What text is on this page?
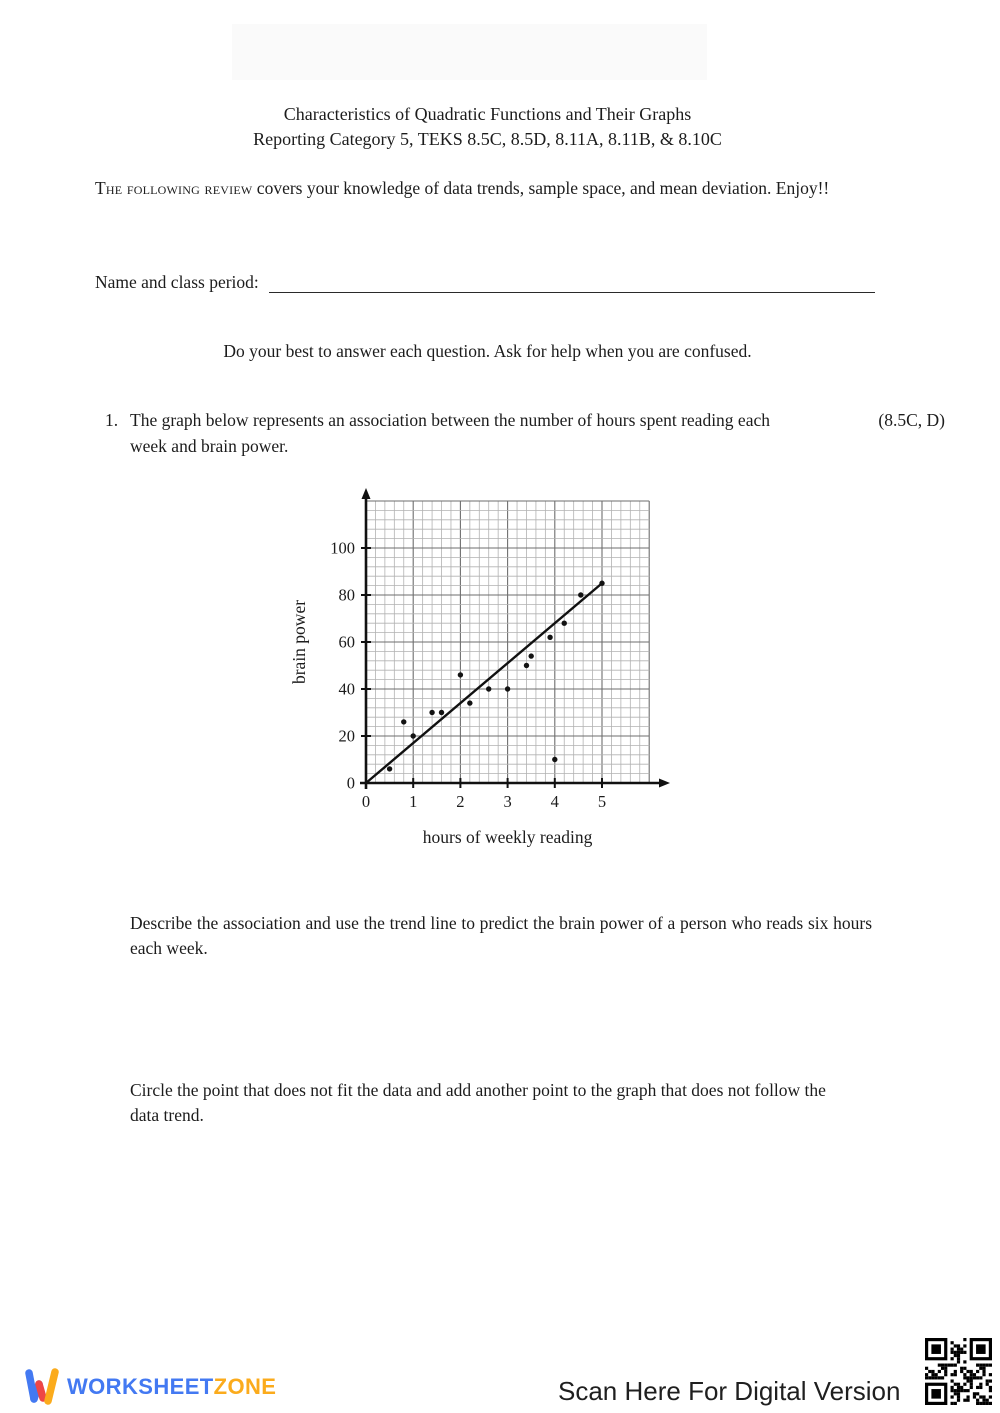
Characteristics of Quadratic Functions and Their Graphs
Reporting Category 5, TEKS 8.5C, 8.5D, 8.11A, 8.11B, & 8.10C
The following review covers your knowledge of data trends, sample space, and mean deviation. Enjoy!!
Name and class period:
Do your best to answer each question. Ask for help when you are confused.
1. The graph below represents an association between the number of hours spent reading each week and brain power.
(8.5C, D)
0 1 2 3 4 5
0
20
40
60
80
100
hours of weekly reading
brain power
Describe the association and use the trend line to predict the brain power of a person who reads six hours each week.
Circle the point that does not fit the data and add another point to the graph that does not follow the data trend.
WORKSHEETZONE	Scan Here For Digital Version
